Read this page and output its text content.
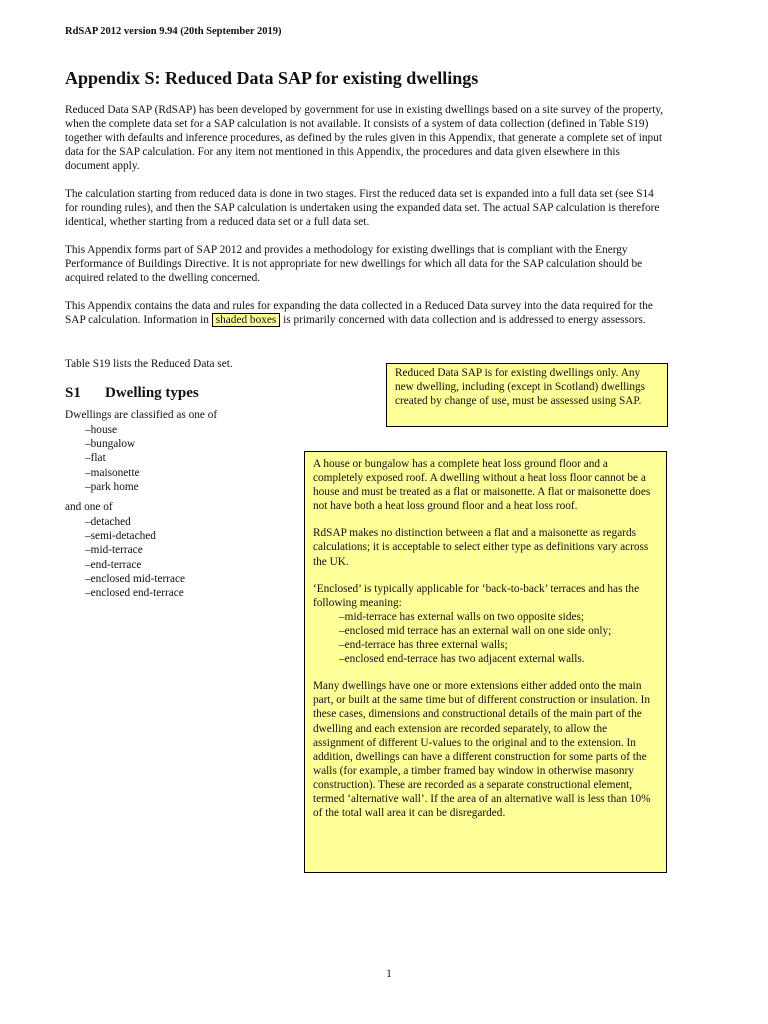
RdSAP 2012 version 9.94 (20th September 2019)
Appendix S: Reduced Data SAP for existing dwellings

Reduced Data SAP (RdSAP) has been developed by government for use in existing dwellings based on a site survey of the property, when the complete data set for a SAP calculation is not available. It consists of a system of data collection (defined in Table S19) together with defaults and inference procedures, as defined by the rules given in this Appendix, that generate a complete set of input data for the SAP calculation. For any item not mentioned in this Appendix, the procedures and data given elsewhere in this document apply.

The calculation starting from reduced data is done in two stages. First the reduced data set is expanded into a full data set (see S14 for rounding rules), and then the SAP calculation is undertaken using the expanded data set. The actual SAP calculation is therefore identical, whether starting from a reduced data set or a full data set.

This Appendix forms part of SAP 2012 and provides a methodology for existing dwellings that is compliant with the Energy Performance of Buildings Directive. It is not appropriate for new dwellings for which all data for the SAP calculation should be acquired related to the dwelling concerned.

This Appendix contains the data and rules for expanding the data collected in a Reduced Data survey into the data required for the SAP calculation. Information in shaded boxes is primarily concerned with data collection and is addressed to energy assessors.

Table S19 lists the Reduced Data set.

S1 Dwelling types
Dwellings are classified as one of
– house
– bungalow
– flat
– maisonette
– park home
and one of
– detached
– semi-detached
– mid-terrace
– end-terrace
– enclosed mid-terrace
– enclosed end-terrace
Reduced Data SAP is for existing dwellings only. Any new dwelling, including (except in Scotland) dwellings created by change of use, must be assessed using SAP.

A house or bungalow has a complete heat loss ground floor and a completely exposed roof. A dwelling without a heat loss floor cannot be a house and must be treated as a flat or maisonette. A flat or maisonette does not have both a heat loss ground floor and a heat loss roof.

RdSAP makes no distinction between a flat and a maisonette as regards calculations; it is acceptable to select either type as definitions vary across the UK.

‘Enclosed’ is typically applicable for ‘back-to-back’ terraces and has the following meaning:

– mid-terrace has external walls on two opposite sides;
– enclosed mid terrace has an external wall on one side only;
– end-terrace has three external walls;
– enclosed end-terrace has two adjacent external walls.

Many dwellings have one or more extensions either added onto the main part, or built at the same time but of different construction or insulation. In these cases, dimensions and constructional details of the main part of the dwelling and each extension are recorded separately, to allow the assignment of different U-values to the original and to the extension. In addition, dwellings can have a different construction for some parts of the walls (for example, a timber framed bay window in otherwise masonry construction). These are recorded as a separate constructional element, termed ‘alternative wall’. If the area of an alternative wall is less than 10% of the total wall area it can be disregarded.

1
